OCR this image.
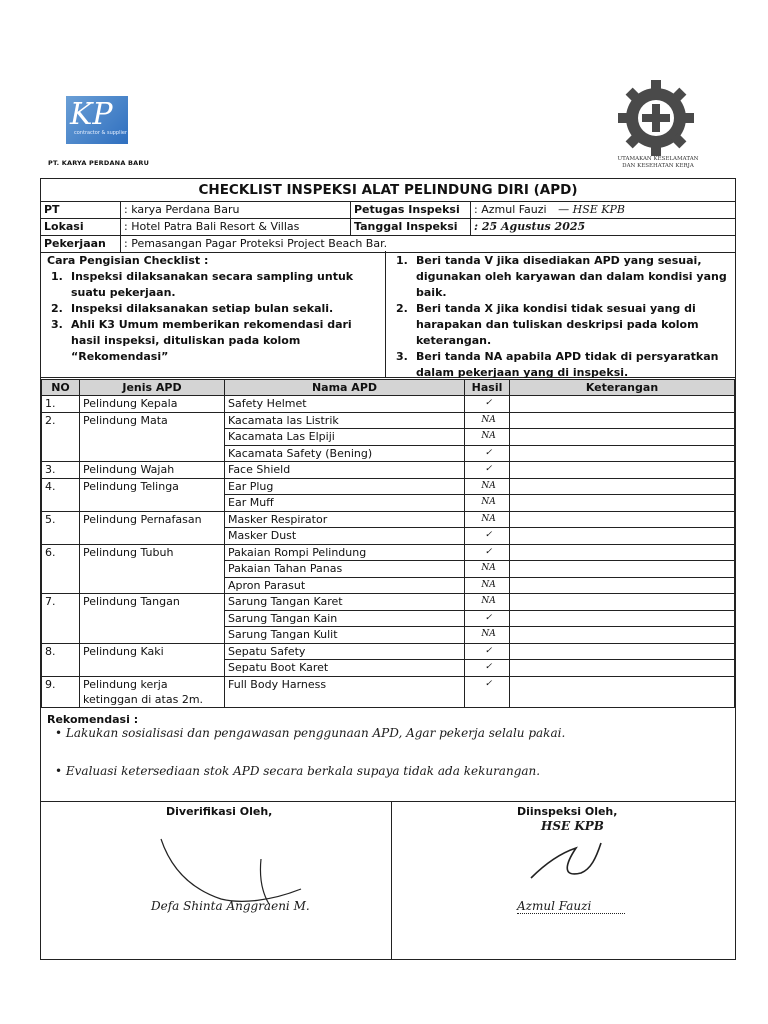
KP
contractor & supplier
PT. KARYA PERDANA BARU	UTAMAKAN KESELAMATAN
DAN KESEHATAN KERJA
CHECKLIST INSPEKSI ALAT PELINDUNG DIRI (APD)
PT	: karya Perdana Baru	Petugas Inspeksi	: Azmul Fauzi — HSE KPB
Lokasi	: Hotel Patra Bali Resort & Villas	Tanggal Inspeksi	: 25 Agustus 2025
Pekerjaan	: Pemasangan Pagar Proteksi Project Beach Bar.
Cara Pengisian Checklist :
1. Inspeksi dilaksanakan secara sampling untuk suatu pekerjaan.
2. Inspeksi dilaksanakan setiap bulan sekali.
3. Ahli K3 Umum memberikan rekomendasi dari hasil inspeksi, dituliskan pada kolom “Rekomendasi”
1. Beri tanda V jika disediakan APD yang sesuai, digunakan oleh karyawan dan dalam kondisi yang baik.
2. Beri tanda X jika kondisi tidak sesuai yang di harapakan dan tuliskan deskripsi pada kolom keterangan.
3. Beri tanda NA apabila APD tidak di persyaratkan dalam pekerjaan yang di inspeksi.
NO	Jenis APD	Nama APD	Hasil	Keterangan
1.	Pelindung Kepala	Safety Helmet	✓	
2.	Pelindung Mata	Kacamata las Listrik	NA	
		Kacamata Las Elpiji	NA	
		Kacamata Safety (Bening)	✓	
3.	Pelindung Wajah	Face Shield	✓	
4.	Pelindung Telinga	Ear Plug	NA	
		Ear Muff	NA	
5.	Pelindung Pernafasan	Masker Respirator	NA	
		Masker Dust	✓	
6.	Pelindung Tubuh	Pakaian Rompi Pelindung	✓	
		Pakaian Tahan Panas	NA	
		Apron Parasut	NA	
7.	Pelindung Tangan	Sarung Tangan Karet	NA	
		Sarung Tangan Kain	✓	
		Sarung Tangan Kulit	NA	
8.	Pelindung Kaki	Sepatu Safety	✓	
		Sepatu Boot Karet	✓	
9.	Pelindung kerja ketinggan di atas 2m.	Full Body Harness	✓	
Rekomendasi :
• Lakukan sosialisasi dan pengawasan penggunaan APD, Agar pekerja selalu pakai.
• Evaluasi ketersediaan stok APD secara berkala supaya tidak ada kekurangan.
Diverifikasi Oleh,
Defa Shinta Anggraeni M.
Diinspeksi Oleh,
HSE KPB
Azmul Fauzi
